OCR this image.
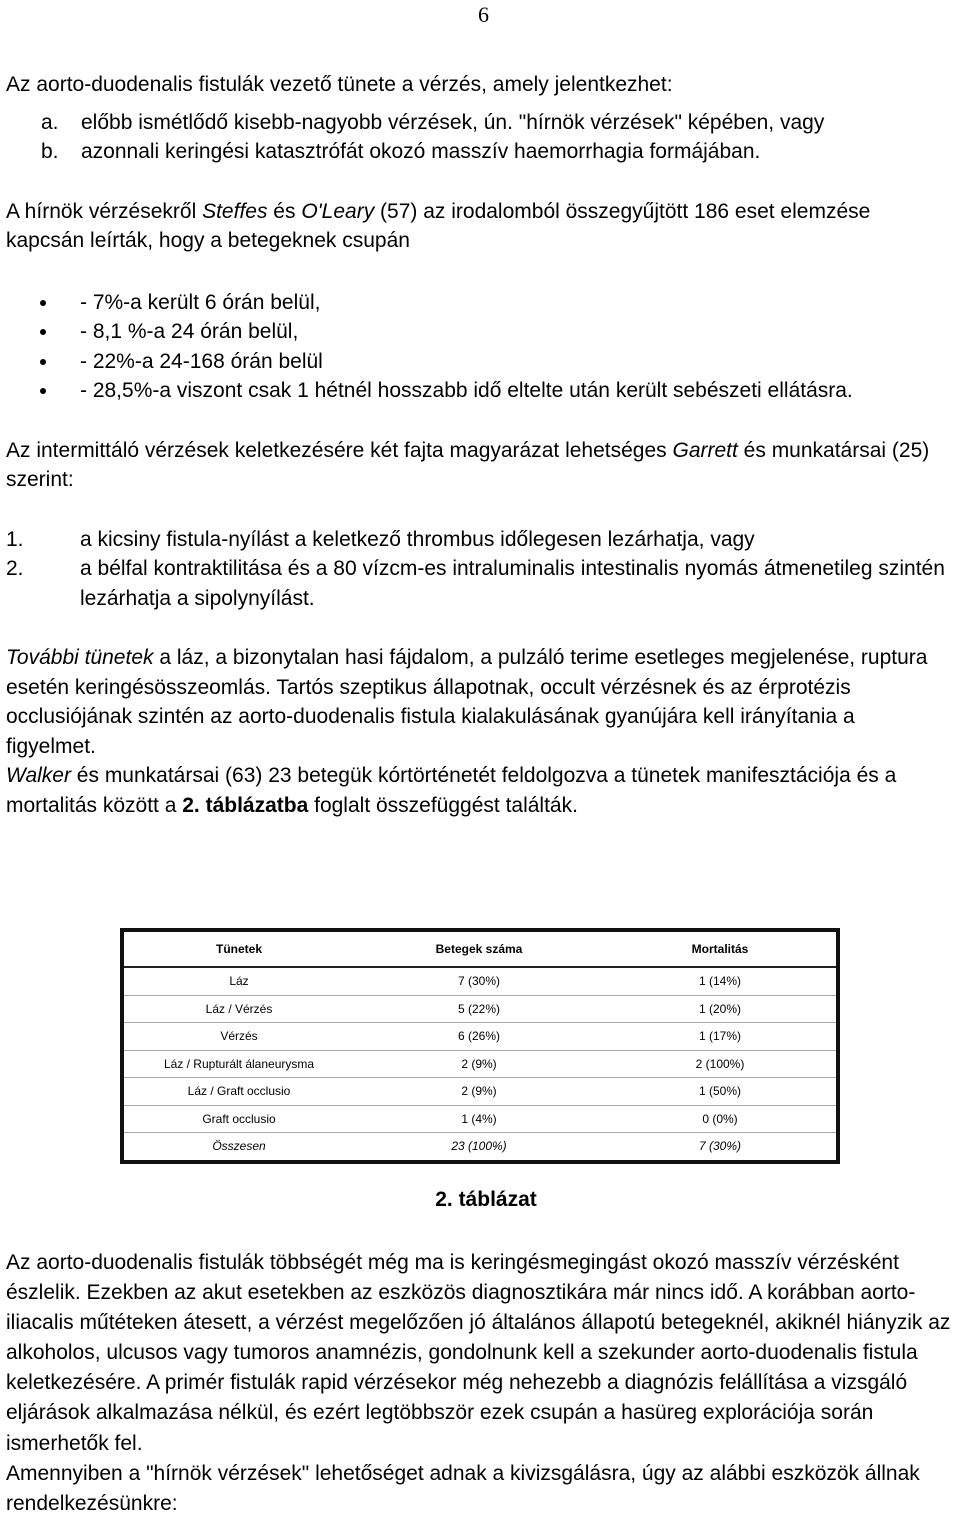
6

Az aorto-duodenalis fistulák vezető tünete a vérzés, amely jelentkezhet:

a.	előbb ismétlődő kisebb-nagyobb vérzések, ún. "hírnök vérzések" képében, vagy
b.	azonnali keringési katasztrófát okozó masszív haemorrhagia formájában.

A hírnök vérzésekről Steffes és O'Leary (57) az irodalomból összegyűjtött 186 eset elemzése kapcsán leírták, hogy a betegeknek csupán

- 7%-a került 6 órán belül,
- 8,1 %-a 24 órán belül,
- 22%-a 24-168 órán belül
- 28,5%-a viszont csak 1 hétnél hosszabb idő eltelte után került sebészeti ellátásra.

Az intermittáló vérzések keletkezésére két fajta magyarázat lehetséges Garrett és munkatársai (25) szerint:

1.	a kicsiny fistula-nyílást a keletkező thrombus időlegesen lezárhatja, vagy
2.	a bélfal kontraktilitása és a 80 vízcm-es intraluminalis intestinalis nyomás átmenetileg szintén lezárhatja a sipolynyílást.

További tünetek a láz, a bizonytalan hasi fájdalom, a pulzáló terime esetleges megjelenése, ruptura esetén keringésösszeomlás. Tartós szeptikus állapotnak, occult vérzésnek és az érprotézis occlusiójának szintén az aorto-duodenalis fistula kialakulásának gyanújára kell irányítania a figyelmet.
Walker és munkatársai (63) 23 betegük kórtörténetét feldolgozva a tünetek manifesztációja és a mortalitás között a 2. táblázatba foglalt összefüggést találták.

Tünetek	Betegek száma	Mortalitás
Láz	7 (30%)	1 (14%)
Láz / Vérzés	5 (22%)	1 (20%)
Vérzés	6 (26%)	1 (17%)
Láz / Rupturált álaneurysma	2 (9%)	2 (100%)
Láz / Graft occlusio	2 (9%)	1 (50%)
Graft occlusio	1 (4%)	0 (0%)
Összesen	23 (100%)	7 (30%)
2. táblázat

Az aorto-duodenalis fistulák többségét még ma is keringésmegingást okozó masszív vérzésként észlelik. Ezekben az akut esetekben az eszközös diagnosztikára már nincs idő. A korábban aorto-iliacalis műtéteken átesett, a vérzést megelőzően jó általános állapotú betegeknél, akiknél hiányzik az alkoholos, ulcusos vagy tumoros anamnézis, gondolnunk kell a szekunder aorto-duodenalis fistula keletkezésére. A primér fistulák rapid vérzésekor még nehezebb a diagnózis felállítása a vizsgáló eljárások alkalmazása nélkül, és ezért legtöbbször ezek csupán a hasüreg explorációja során ismerhetők fel.

Amennyiben a "hírnök vérzések" lehetőséget adnak a kivizsgálásra, úgy az alábbi eszközök állnak rendelkezésünkre:
